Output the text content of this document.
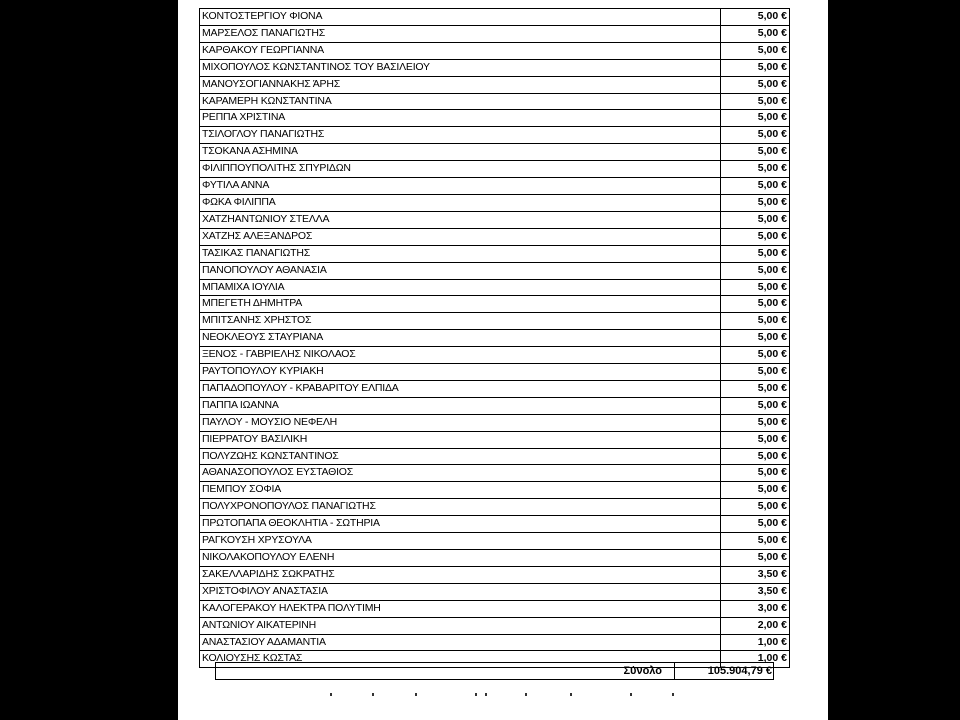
ΚΟΝΤΟΣΤΕΡΓΙΟΥ ΦΙΟΝΑ	5,00 €
ΜΑΡΣΕΛΟΣ ΠΑΝΑΓΙΩΤΗΣ	5,00 €
ΚΑΡΘΑΚΟΥ ΓΕΩΡΓΙΑΝΝΑ	5,00 €
ΜΙΧΟΠΟΥΛΟΣ ΚΩΝΣΤΑΝΤΙΝΟΣ ΤΟΥ ΒΑΣΙΛΕΙΟΥ	5,00 €
ΜΑΝΟΥΣΟΓΙΑΝΝΑΚΗΣ ΆΡΗΣ	5,00 €
ΚΑΡΑΜΕΡΗ ΚΩΝΣΤΑΝΤΙΝΑ	5,00 €
ΡΕΠΠΑ ΧΡΙΣΤΙΝΑ	5,00 €
ΤΣΙΛΟΓΛΟΥ ΠΑΝΑΓΙΩΤΗΣ	5,00 €
ΤΣΟΚΑΝΑ ΑΣΗΜΙΝΑ	5,00 €
ΦΙΛΙΠΠΟΥΠΟΛΙΤΗΣ ΣΠΥΡΙΔΩΝ	5,00 €
ΦΥΤΙΛΑ ΑΝΝΑ	5,00 €
ΦΩΚΑ ΦΙΛΙΠΠΑ	5,00 €
ΧΑΤΖΗΑΝΤΩΝΙΟΥ ΣΤΕΛΛΑ	5,00 €
ΧΑΤΖΗΣ ΑΛΕΞΑΝΔΡΟΣ	5,00 €
ΤΑΣΙΚΑΣ ΠΑΝΑΓΙΩΤΗΣ	5,00 €
ΠΑΝΟΠΟΥΛΟΥ ΑΘΑΝΑΣΙΑ	5,00 €
ΜΠΑΜΙΧΑ ΙΟΥΛΙΑ	5,00 €
ΜΠΕΓΕΤΗ ΔΗΜΗΤΡΑ	5,00 €
ΜΠΙΤΣΑΝΗΣ ΧΡΗΣΤΟΣ	5,00 €
ΝΕΟΚΛΕΟΥΣ ΣΤΑΥΡΙΑΝΑ	5,00 €
ΞΕΝΟΣ - ΓΑΒΡΙΕΛΗΣ ΝΙΚΟΛΑΟΣ	5,00 €
ΡΑΥΤΟΠΟΥΛΟΥ ΚΥΡΙΑΚΗ	5,00 €
ΠΑΠΑΔΟΠΟΥΛΟΥ - ΚΡΑΒΑΡΙΤΟΥ ΕΛΠΙΔΑ	5,00 €
ΠΑΠΠΑ ΙΩΑΝΝΑ	5,00 €
ΠΑΥΛΟΥ - ΜΟΥΣΙΟ ΝΕΦΕΛΗ	5,00 €
ΠΙΕΡΡΑΤΟΥ ΒΑΣΙΛΙΚΗ	5,00 €
ΠΟΛΥΖΩΗΣ ΚΩΝΣΤΑΝΤΙΝΟΣ	5,00 €
ΑΘΑΝΑΣΟΠΟΥΛΟΣ ΕΥΣΤΑΘΙΟΣ	5,00 €
ΠΕΜΠΟΥ ΣΟΦΙΑ	5,00 €
ΠΟΛΥΧΡΟΝΟΠΟΥΛΟΣ ΠΑΝΑΓΙΩΤΗΣ	5,00 €
ΠΡΩΤΟΠΑΠΑ ΘΕΟΚΛΗΤΙΑ - ΣΩΤΗΡΙΑ	5,00 €
ΡΑΓΚΟΥΣΗ ΧΡΥΣΟΥΛΑ	5,00 €
ΝΙΚΟΛΑΚΟΠΟΥΛΟΥ ΕΛΕΝΗ	5,00 €
ΣΑΚΕΛΛΑΡΙΔΗΣ ΣΩΚΡΑΤΗΣ	3,50 €
ΧΡΙΣΤΟΦΙΛΟΥ ΑΝΑΣΤΑΣΙΑ	3,50 €
ΚΑΛΟΓΕΡΑΚΟΥ ΗΛΕΚΤΡΑ ΠΟΛΥΤΙΜΗ	3,00 €
ΑΝΤΩΝΙΟΥ ΑΙΚΑΤΕΡΙΝΗ	2,00 €
ΑΝΑΣΤΑΣΙΟΥ ΑΔΑΜΑΝΤΙΑ	1,00 €
ΚΟΛΙΟΥΣΗΣ ΚΩΣΤΑΣ	1,00 €
Σύνολο	105.904,79 €
